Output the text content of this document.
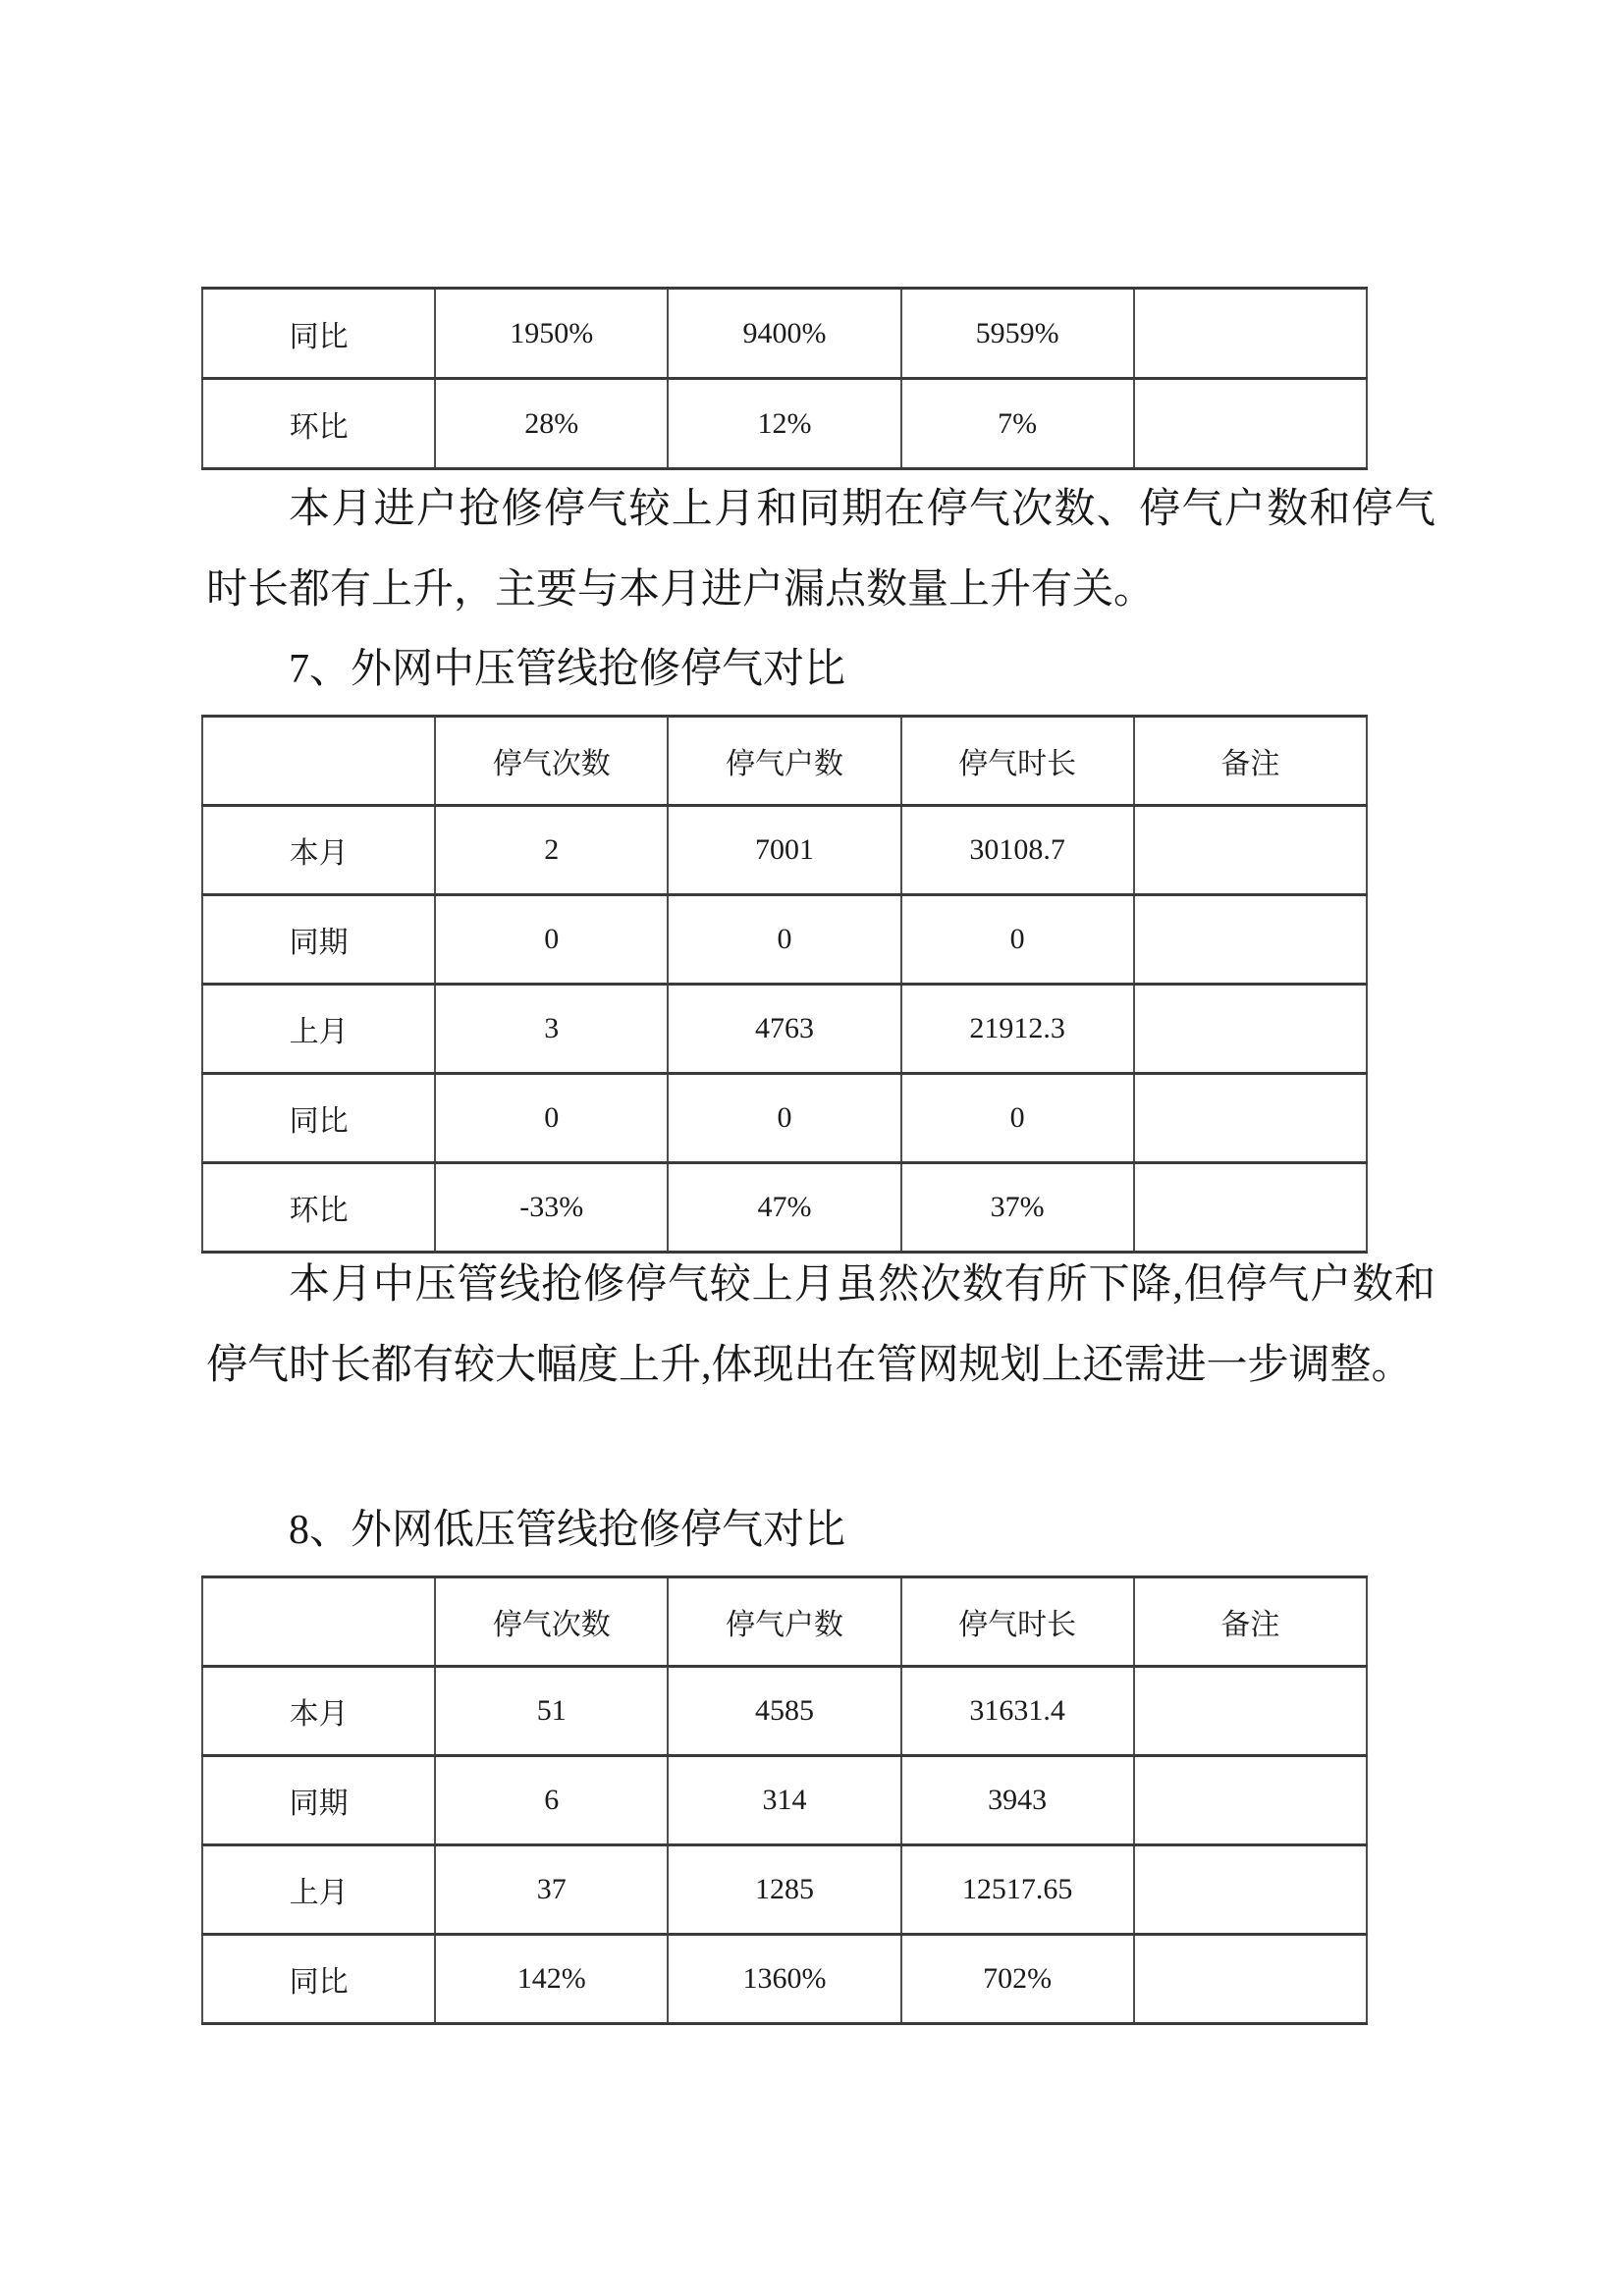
同比	1950%	9400%	5959%	
环比	28%	12%	7%	

本月进户抢修停气较上月和同期在停气次数、停气户数和停气时长都有上升，主要与本月进户漏点数量上升有关。

7、外网中压管线抢修停气对比

	停气次数	停气户数	停气时长	备注
本月	2	7001	30108.7	
同期	0	0	0	
上月	3	4763	21912.3	
同比	0	0	0	
环比	-33%	47%	37%	

本月中压管线抢修停气较上月虽然次数有所下降,但停气户数和停气时长都有较大幅度上升,体现出在管网规划上还需进一步调整。

8、外网低压管线抢修停气对比

	停气次数	停气户数	停气时长	备注
本月	51	4585	31631.4	
同期	6	314	3943	
上月	37	1285	12517.65	
同比	142%	1360%	702%	
